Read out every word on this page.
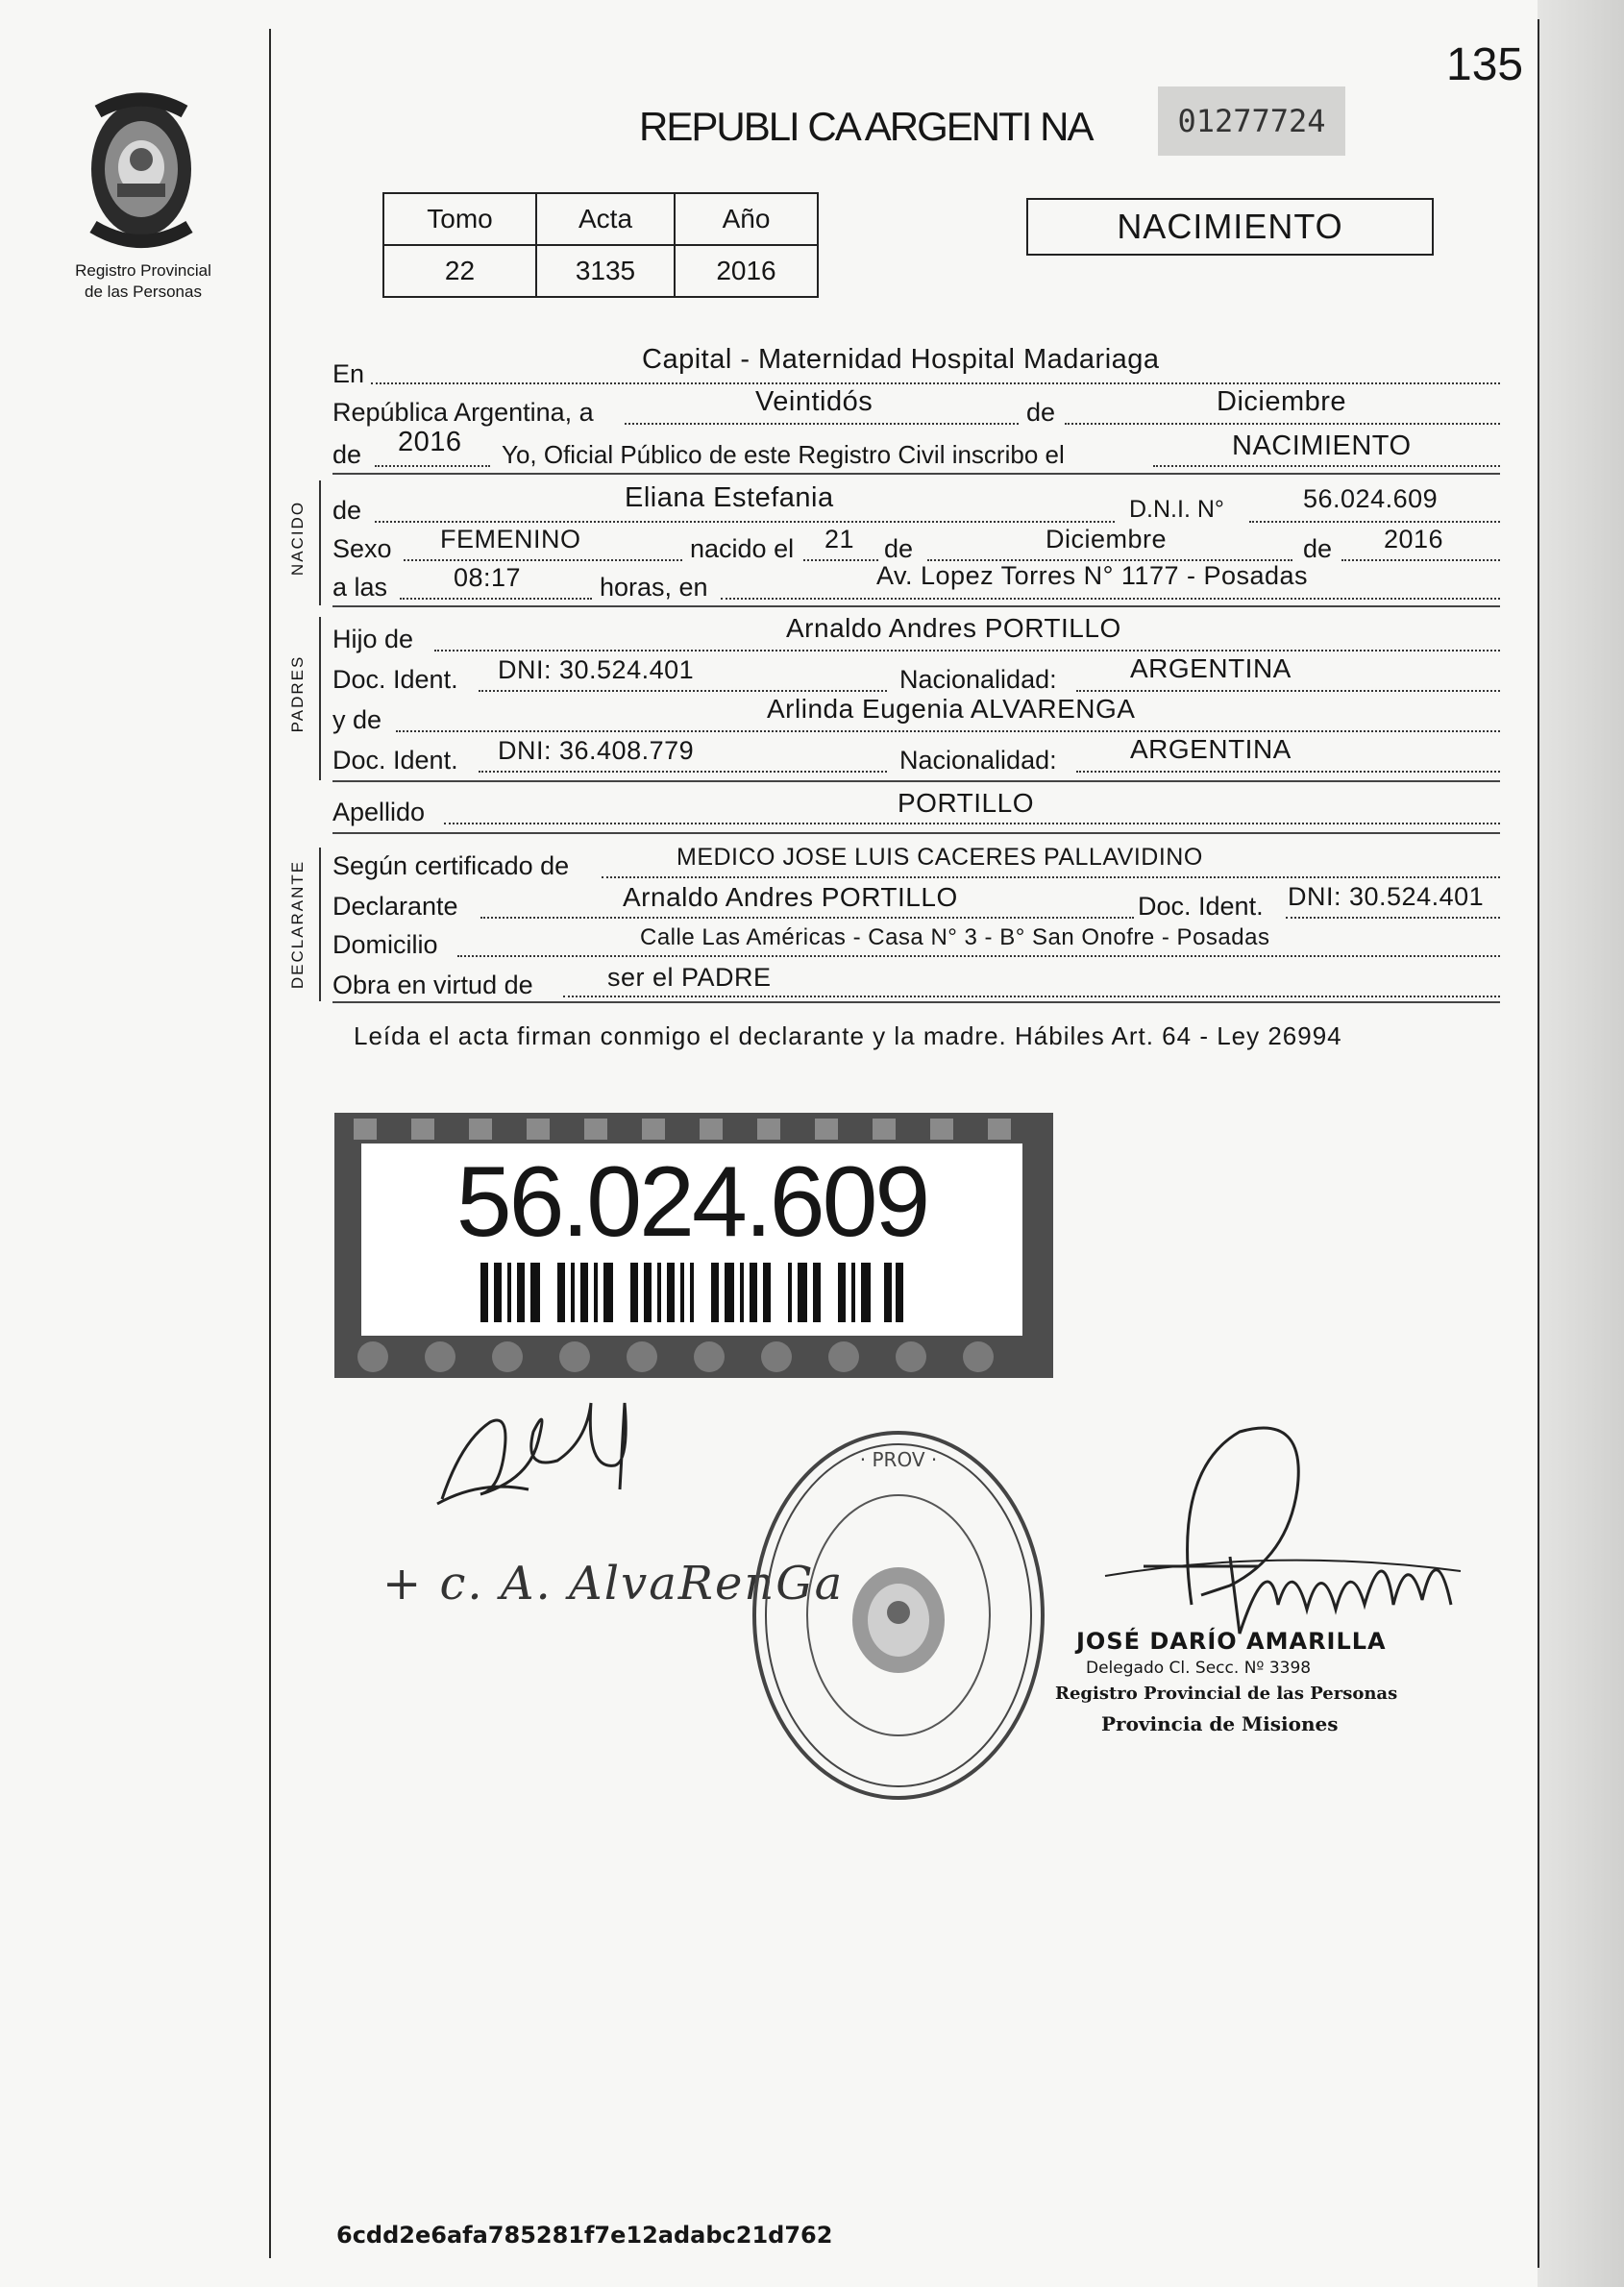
135
Registro Provincial
de las Personas
REPUBLI CA ARGENTI NA	01277724
Tomo	Acta	Año
22	3135	2016
NACIMIENTO
En	Capital - Maternidad Hospital Madariaga
República Argentina, a	Veintidós	de	Diciembre
de 2016 Yo, Oficial Público de este Registro Civil inscribo el	NACIMIENTO
NACIDO de	Eliana Estefania	D.N.I. N°	56.024.609
Sexo FEMENINO	nacido el 21 de	Diciembre	de 2016
a las	08:17	horas, en	Av. Lopez Torres N° 1177 - Posadas
PADRES
Hijo de	Arnaldo Andres PORTILLO
Doc. Ident. DNI: 30.524.401	Nacionalidad:	ARGENTINA
y de	Arlinda Eugenia ALVARENGA
Doc. Ident. DNI: 36.408.779	Nacionalidad:	ARGENTINA
Apellido	PORTILLO
DECLARANTE Según certificado de	MEDICO JOSE LUIS CACERES PALLAVIDINO
Declarante	Arnaldo Andres PORTILLO	Doc. Ident. DNI: 30.524.401
Domicilio	Calle Las Américas - Casa N° 3 - B° San Onofre - Posadas
Obra en virtud de	ser el PADRE
Leída el acta firman conmigo el declarante y la madre. Hábiles Art. 64 - Ley 26994
56.024.609
+ c. A. AlvaRenGa
· PROV ·
JOSÉ DARÍO AMARILLA
Delegado Cl. Secc. Nº 3398
Registro Provincial de las Personas
Provincia de Misiones
6cdd2e6afa785281f7e12adabc21d762
